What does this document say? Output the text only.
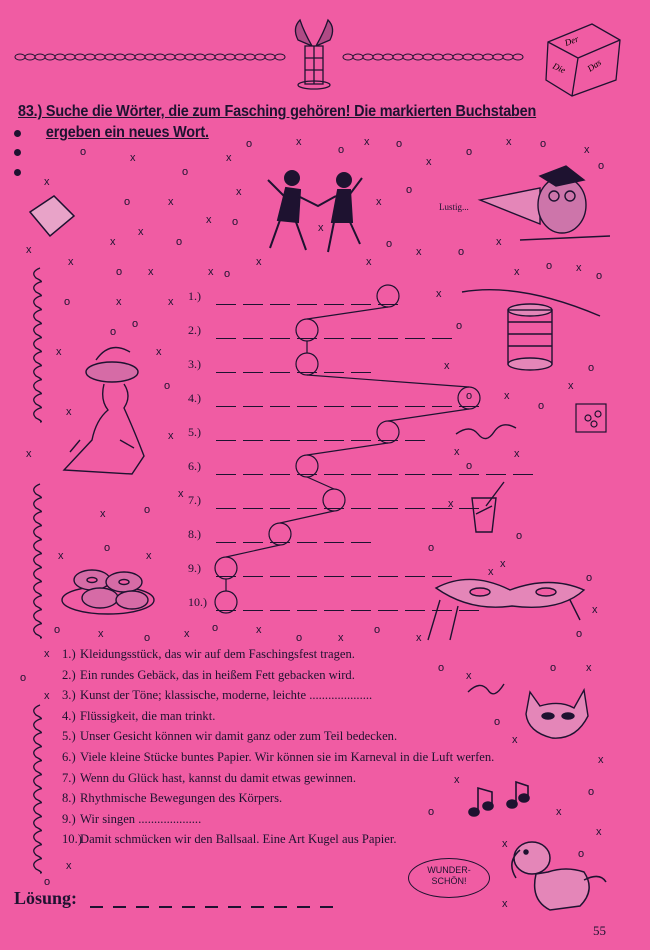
Der
Die Das
83.) Suche die Wörter, die zum Fasching gehören! Die markierten Buchstaben
ergeben ein neues Wort.
o	x
o
x
x
o	x
x
o	x
o
x o
x
o
x	o	x
o
x o	x
x
o
x
x
o
x
x
o x	x o
x	x
o
x	o
x
x o x
o
o	x	x
x
o
o	o
x	x
x	o
x
o
x
o	x
o
x
x	x	x
o
x
x	o	x
o
x
o
x
o
x
x	o
x
o	x	o	x o	x
o	x
o
x	o
x
o
x
o
x
o	x
o
x
x
x
o
o	x
x
x
o
x
o
x
Lustig...
WUNDER-
SCHÖN!
1.)
2.)
3.)
4.)
5.)
6.)
7.)
8.)
9.)
10.)
1.) Kleidungsstück, das wir auf dem Faschingsfest tragen.
2.) Ein rundes Gebäck, das in heißem Fett gebacken wird.
3.) Kunst der Töne; klassische, moderne, leichte ....................
4.) Flüssigkeit, die man trinkt.
5.) Unser Gesicht können wir damit ganz oder zum Teil bedecken.
6.) Viele kleine Stücke buntes Papier. Wir können sie im Karneval in die Luft werfen.
7.) Wenn du Glück hast, kannst du damit etwas gewinnen.
8.) Rhythmische Bewegungen des Körpers.
9.) Wir singen ....................
10.)Damit schmücken wir den Ballsaal. Eine Art Kugel aus Papier.
Lösung:
55
